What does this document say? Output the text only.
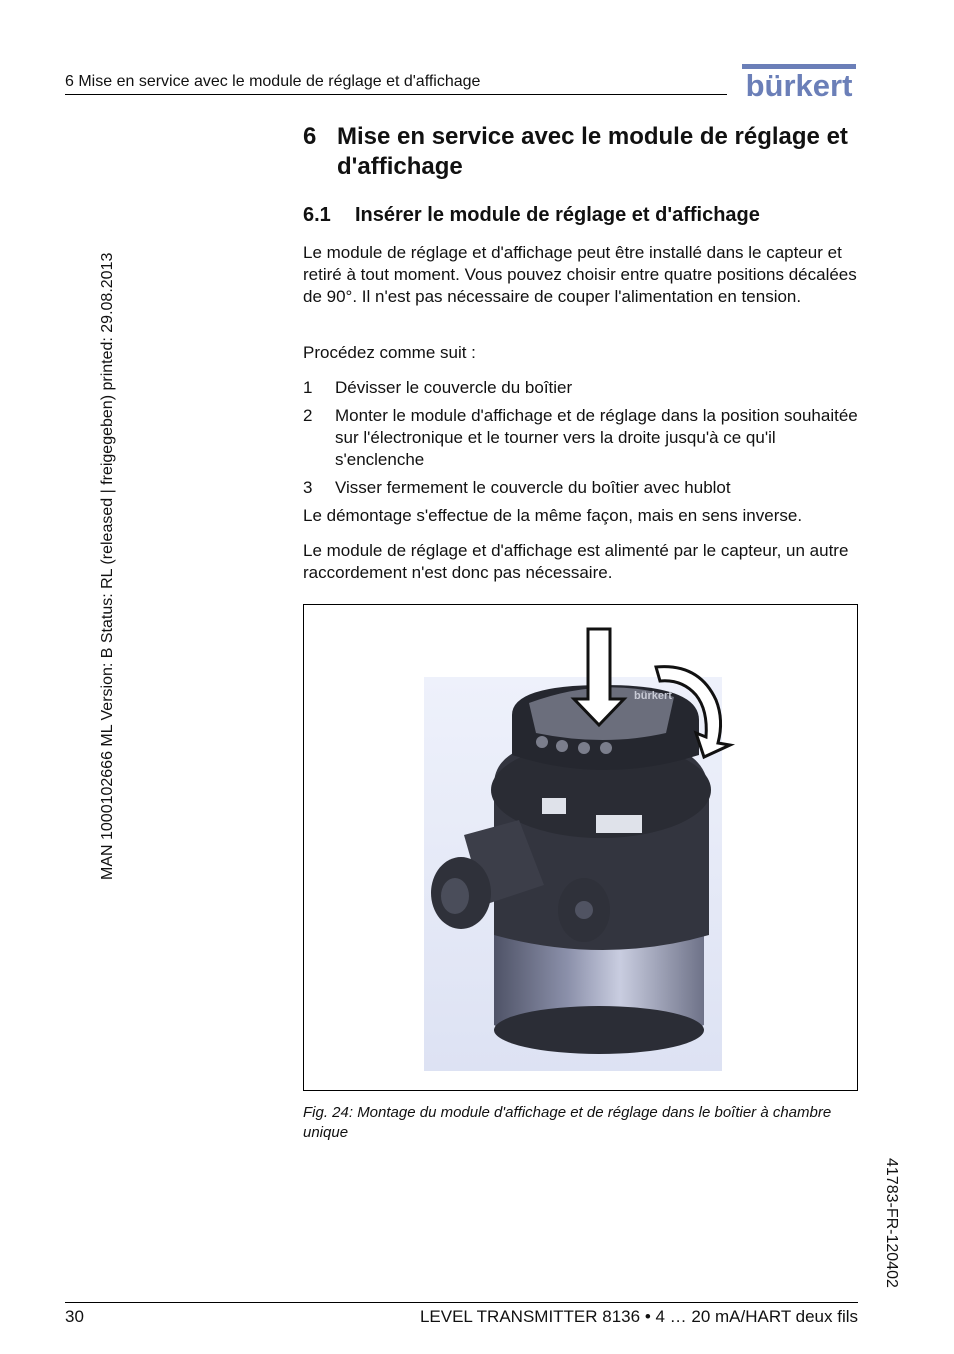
6 Mise en service avec le module de réglage et d'affichage	bürkert
MAN 1000102666 ML Version: B Status: RL (released | freigegeben) printed: 29.08.2013
41783-FR-120402
6 Mise en service avec le module de réglage et d'affichage
6.1 Insérer le module de réglage et d'affichage

Le module de réglage et d'affichage peut être installé dans le capteur et retiré à tout moment. Vous pouvez choisir entre quatre positions décalées de 90°. Il n'est pas nécessaire de couper l'alimentation en tension.

Procédez comme suit :

1 Dévisser le couvercle du boîtier
2 Monter le module d'affichage et de réglage dans la position souhaitée sur l'électronique et le tourner vers la droite jusqu'à ce qu'il s'enclenche
3 Visser fermement le couvercle du boîtier avec hublot

Le démontage s'effectue de la même façon, mais en sens inverse.

Le module de réglage et d'affichage est alimenté par le capteur, un autre raccordement n'est donc pas nécessaire.

bürkert
Fig. 24: Montage du module d'affichage et de réglage dans le boîtier à chambre unique
30	LEVEL TRANSMITTER 8136 • 4 … 20 mA/HART deux fils
